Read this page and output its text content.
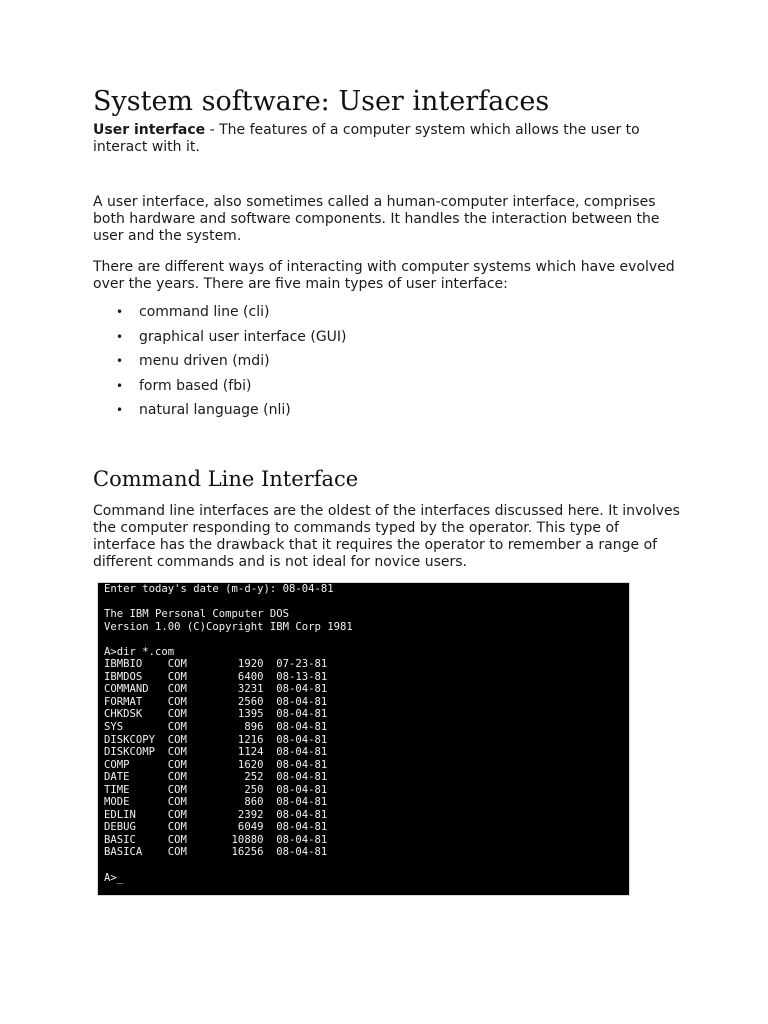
System software: User interfaces

User interface - The features of a computer system which allows the user to interact with it.

A user interface, also sometimes called a human-computer interface, comprises both hardware and software components. It handles the interaction between the user and the system.

There are different ways of interacting with computer systems which have evolved over the years. There are five main types of user interface:

• command line (cli)
• graphical user interface (GUI)
• menu driven (mdi)
• form based (fbi)
• natural language (nli)
Command Line Interface

Command line interfaces are the oldest of the interfaces discussed here. It involves the computer responding to commands typed by the operator. This type of interface has the drawback that it requires the operator to remember a range of different commands and is not ideal for novice users.

Enter today's date (m-d-y): 08-04-81

The IBM Personal Computer DOS
Version 1.00 (C)Copyright IBM Corp 1981

A>dir *.com
IBMBIO    COM        1920  07-23-81
IBMDOS    COM        6400  08-13-81
COMMAND   COM        3231  08-04-81
FORMAT    COM        2560  08-04-81
CHKDSK    COM        1395  08-04-81
SYS       COM         896  08-04-81
DISKCOPY  COM        1216  08-04-81
DISKCOMP  COM        1124  08-04-81
COMP      COM        1620  08-04-81
DATE      COM         252  08-04-81
TIME      COM         250  08-04-81
MODE      COM         860  08-04-81
EDLIN     COM        2392  08-04-81
DEBUG     COM        6049  08-04-81
BASIC     COM       10880  08-04-81
BASICA    COM       16256  08-04-81

A>_
